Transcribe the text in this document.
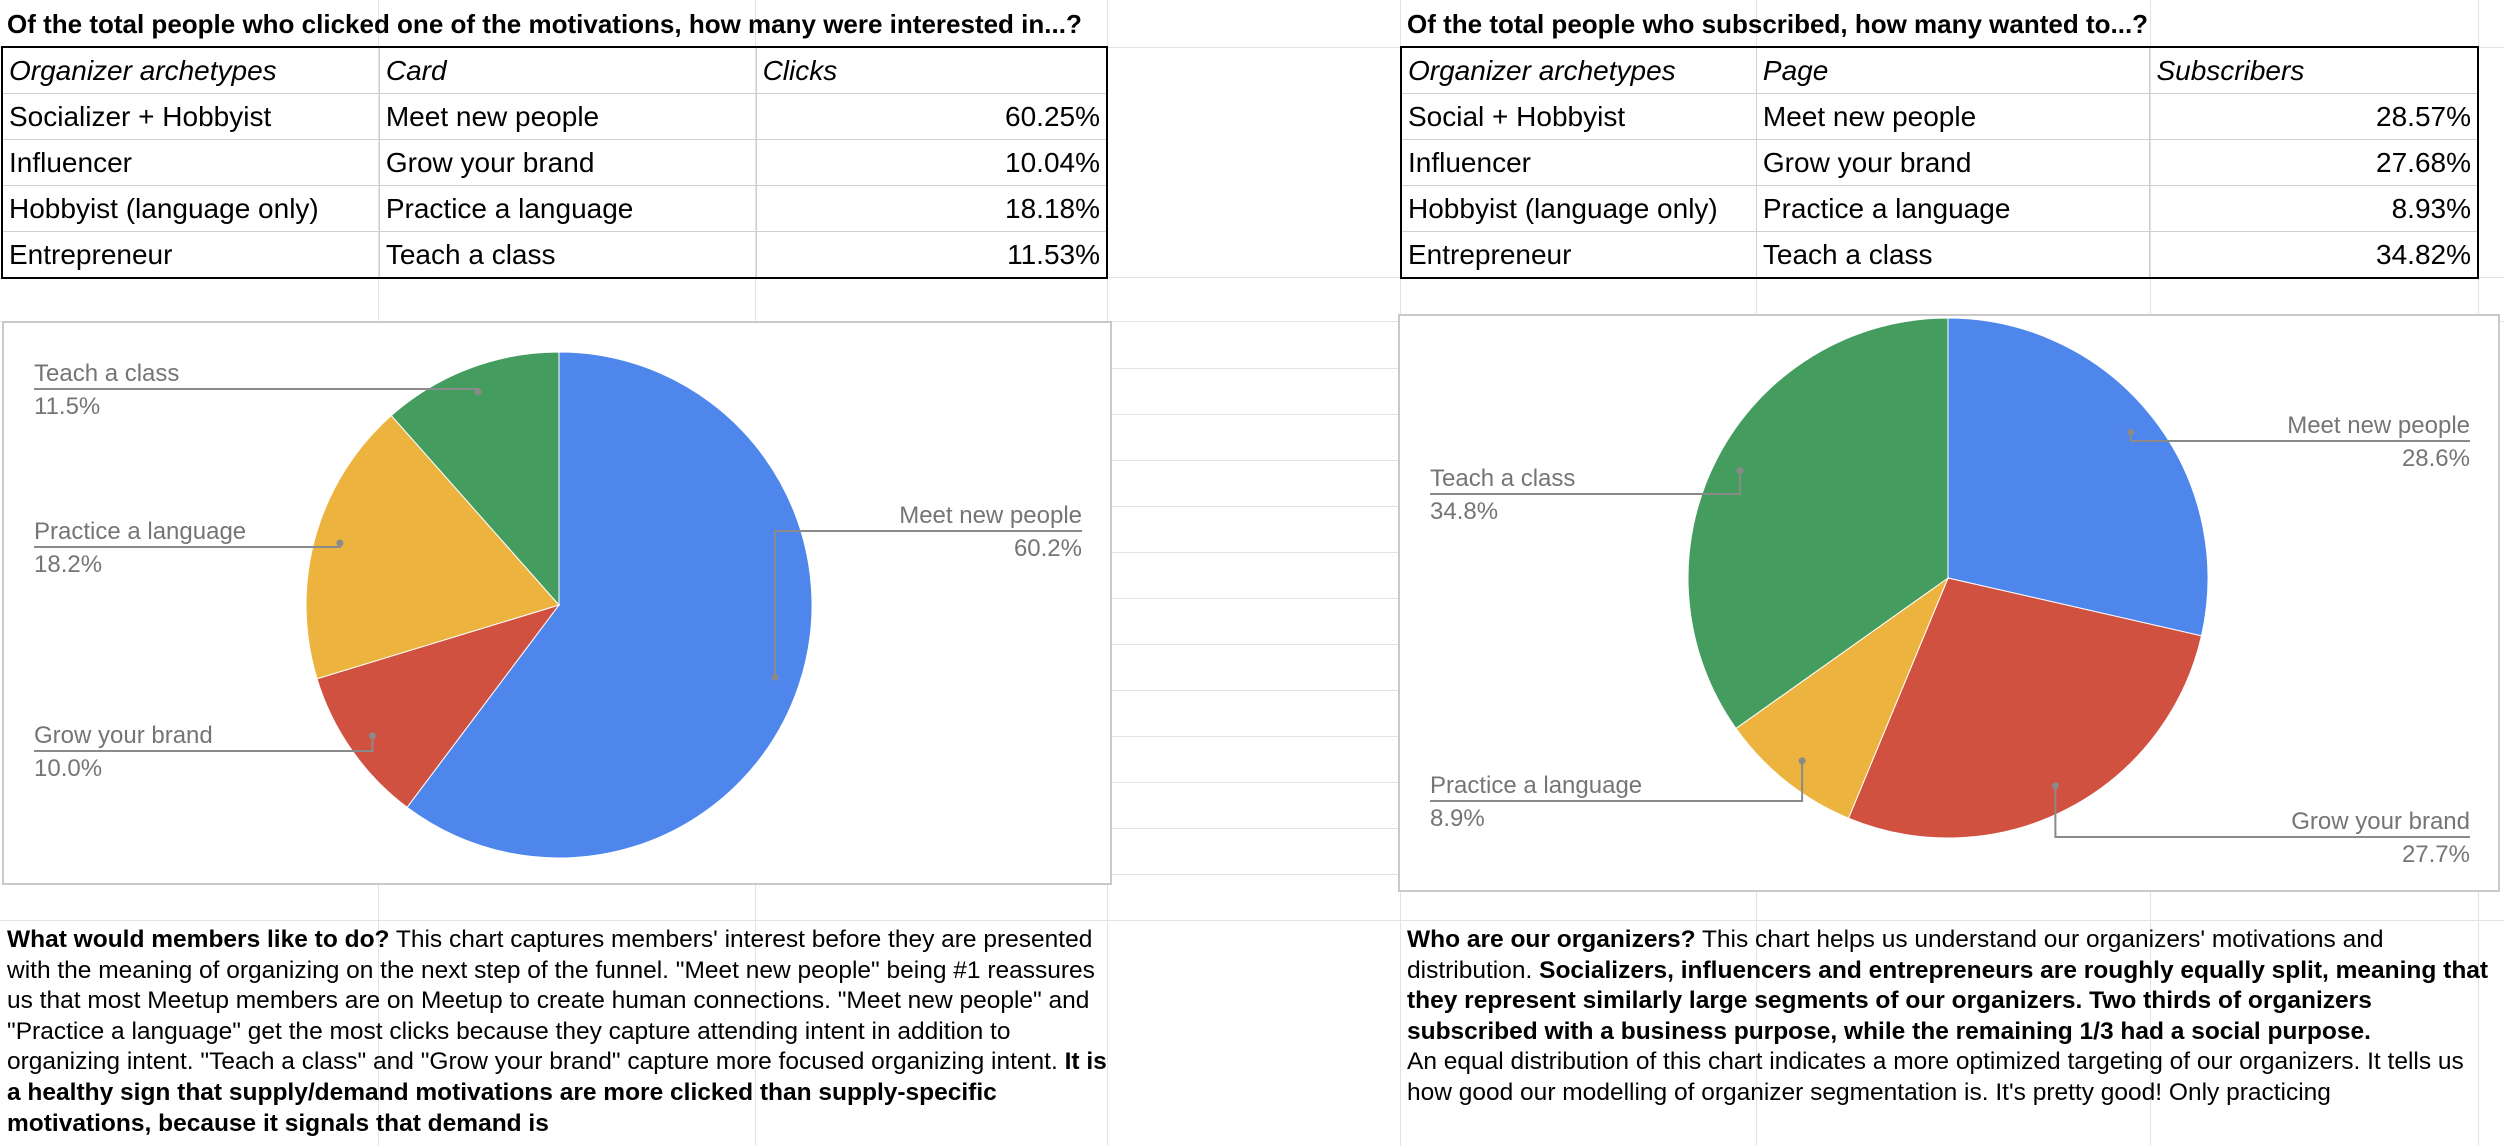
Of the total people who clicked one of the motivations, how many were interested in...?
Organizer archetypes	Card	Clicks
Socializer + Hobbyist	Meet new people	60.25%
Influencer	Grow your brand	10.04%
Hobbyist (language only)	Practice a language	18.18%
Entrepreneur	Teach a class	11.53%
Meet new people
60.2%
Grow your brand
10.0%
Practice a language
18.2%
Teach a class
11.5%
What would members like to do? This chart captures members' interest before they are presented with the meaning of organizing on the next step of the funnel. "Meet new people" being #1 reassures us that most Meetup members are on Meetup to create human connections. "Meet new people" and "Practice a language" get the most clicks because they capture attending intent in addition to organizing intent. "Teach a class" and "Grow your brand" capture more focused organizing intent. It is a healthy sign that supply/demand motivations are more clicked than supply-specific motivations, because it signals that demand is
Of the total people who subscribed, how many wanted to...?
Organizer archetypes	Page	Subscribers
Social + Hobbyist	Meet new people	28.57%
Influencer	Grow your brand	27.68%
Hobbyist (language only)	Practice a language	8.93%
Entrepreneur	Teach a class	34.82%
Meet new people
28.6%
Grow your brand
27.7%
Practice a language
8.9%
Teach a class
34.8%
Who are our organizers? This chart helps us understand our organizers' motivations and distribution. Socializers, influencers and entrepreneurs are roughly equally split, meaning that they represent similarly large segments of our organizers. Two thirds of organizers subscribed with a business purpose, while the remaining 1/3 had a social purpose.
An equal distribution of this chart indicates a more optimized targeting of our organizers. It tells us how good our modelling of organizer segmentation is. It's pretty good! Only practicing
